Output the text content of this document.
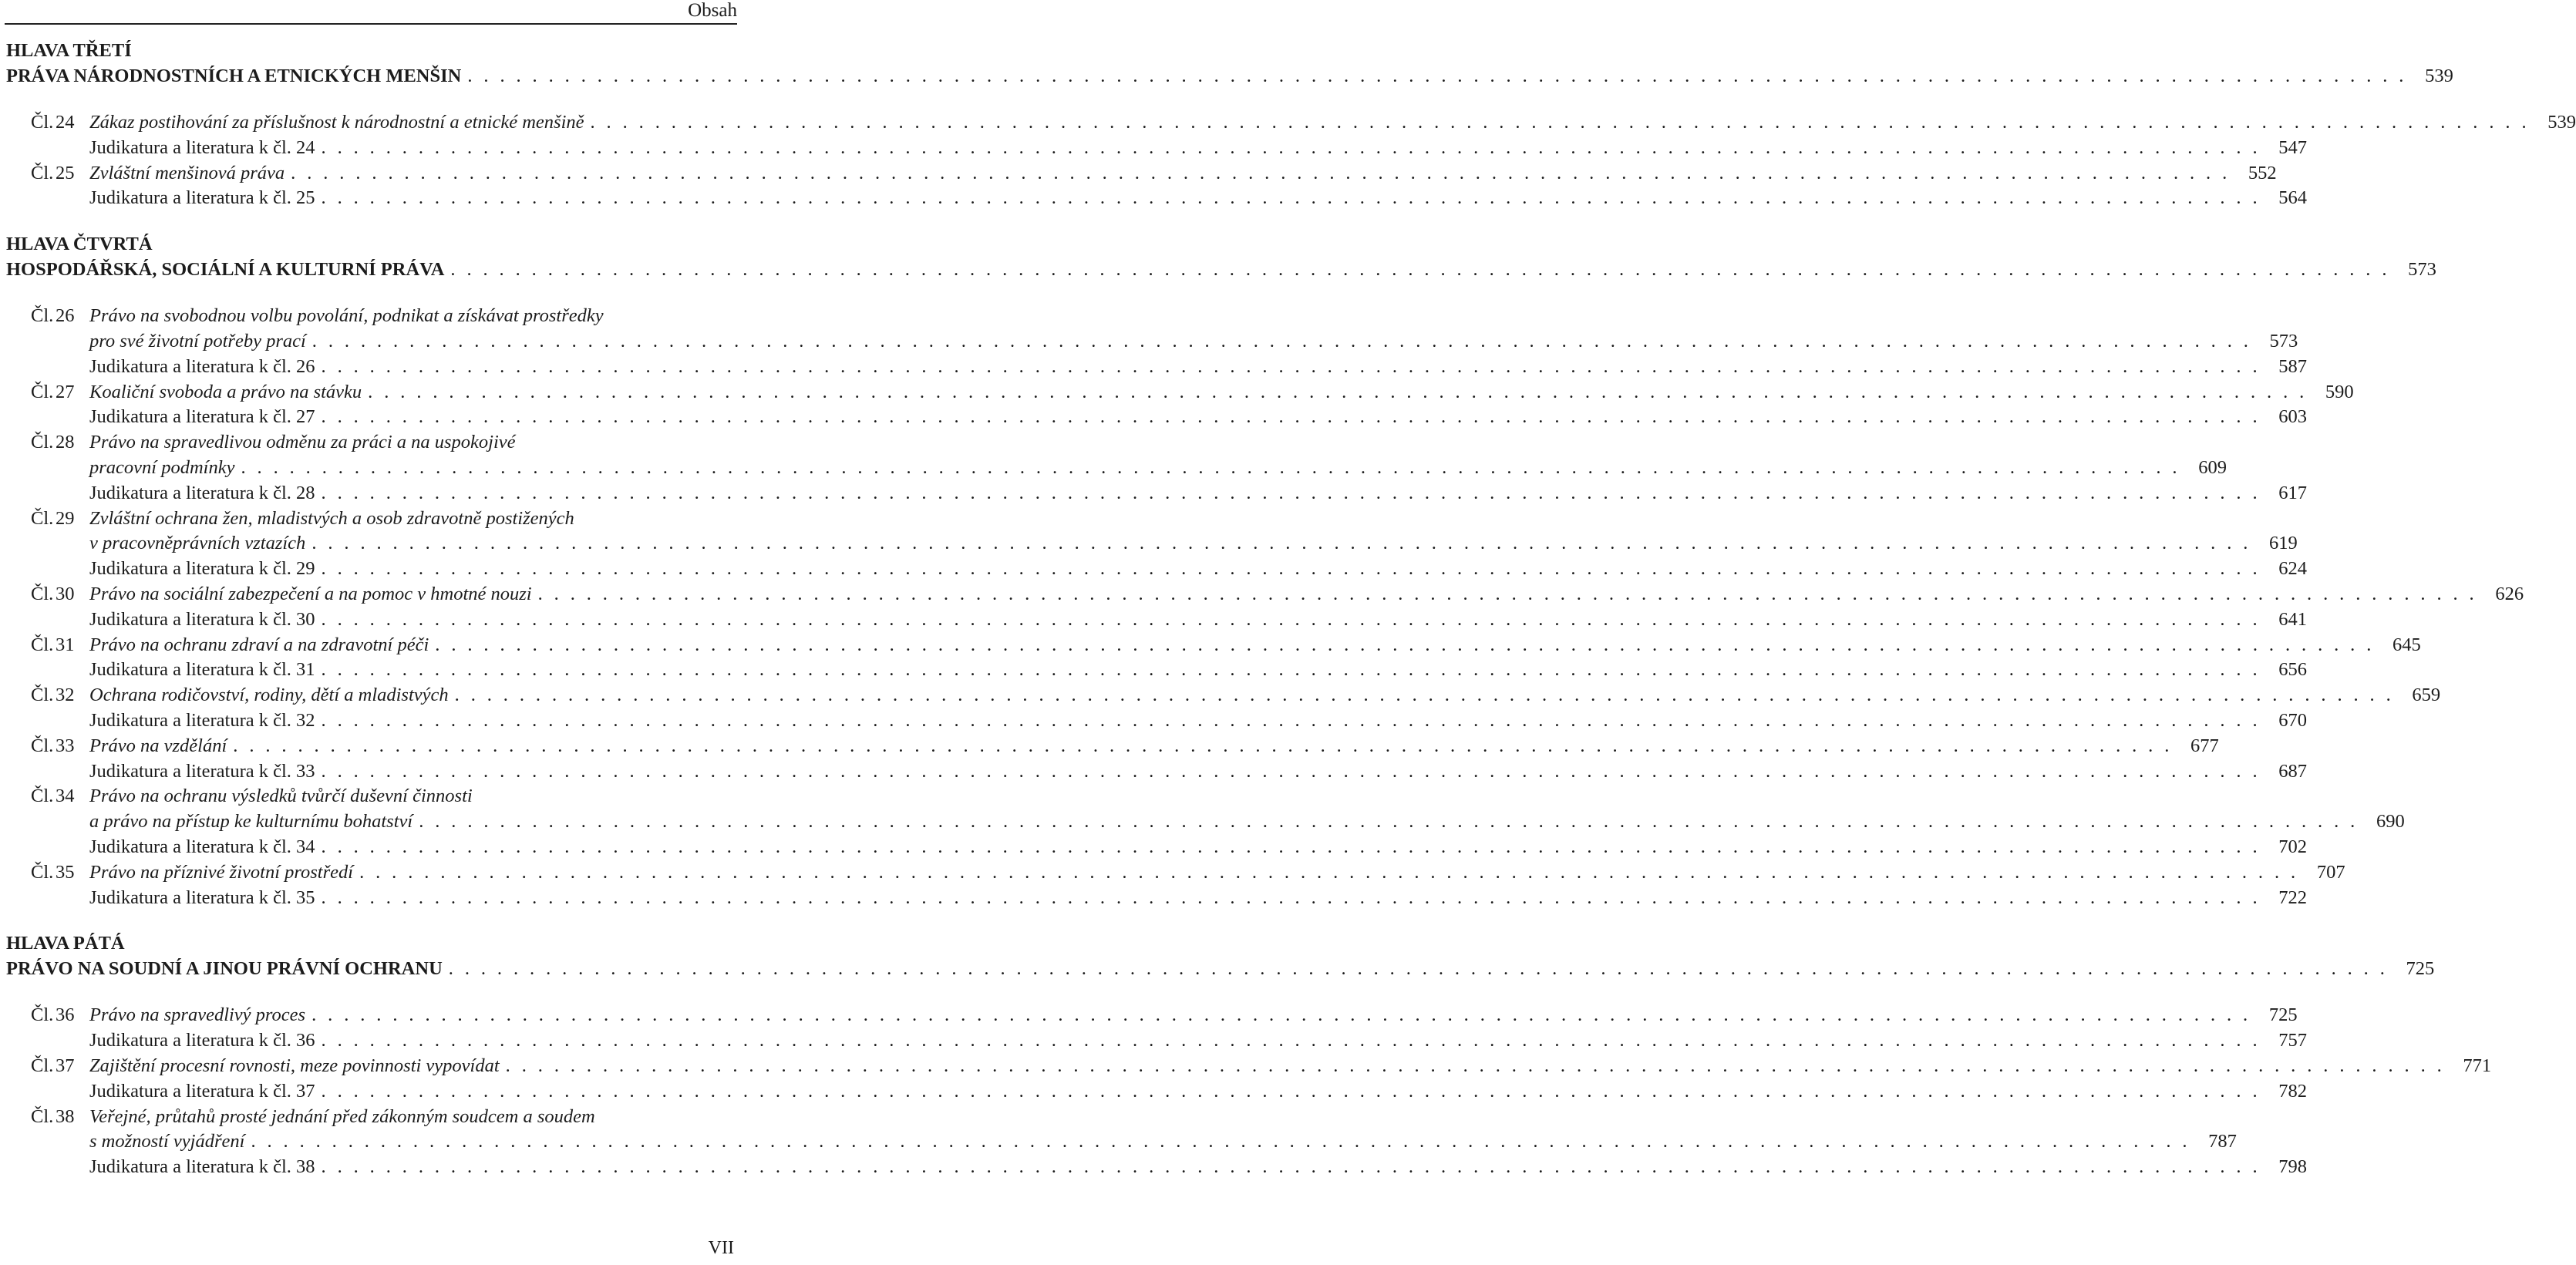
Obsah
HLAVA TŘETÍ
PRÁVA NÁRODNOSTNÍCH A ETNICKÝCH MENŠIN . . . . . . . . . . . . . . . . . . . . . . . . . . . . . . . . . . . . . . . . . . . . . . . . . . . . . . . . . . . . . . . . . . . . . . . . . . . . . . . . . . . . . . . . . . . . . . . . . . . . . . . . . . . . . . . . . . . . . . . . 539
Čl. 24 Zákaz postihování za příslušnost k národnostní a etnické menšině . . . . . . . . . . . . . . . . . . . . . . . . . . . . . . . . . . . . . . . . . . . . . . . . . . . . . . . . . . . . . . . . . . . . . . . . . . . . . . . . . . . . . . . . . . . . . . . . . . . . . . . . . . . . . . . . . . . . . . . . 539
Judikatura a literatura k čl. 24 . . . . . . . . . . . . . . . . . . . . . . . . . . . . . . . . . . . . . . . . . . . . . . . . . . . . . . . . . . . . . . . . . . . . . . . . . . . . . . . . . . . . . . . . . . . . . . . . . . . . . . . . . . . . . . . . . . . . . . . . 547
Čl. 25 Zvláštní menšinová práva . . . . . . . . . . . . . . . . . . . . . . . . . . . . . . . . . . . . . . . . . . . . . . . . . . . . . . . . . . . . . . . . . . . . . . . . . . . . . . . . . . . . . . . . . . . . . . . . . . . . . . . . . . . . . . . . . . . . . . . . 552
Judikatura a literatura k čl. 25 . . . . . . . . . . . . . . . . . . . . . . . . . . . . . . . . . . . . . . . . . . . . . . . . . . . . . . . . . . . . . . . . . . . . . . . . . . . . . . . . . . . . . . . . . . . . . . . . . . . . . . . . . . . . . . . . . . . . . . . . 564
HLAVA ČTVRTÁ
HOSPODÁŘSKÁ, SOCIÁLNÍ A KULTURNÍ PRÁVA . . . . . . . . . . . . . . . . . . . . . . . . . . . . . . . . . . . . . . . . . . . . . . . . . . . . . . . . . . . . . . . . . . . . . . . . . . . . . . . . . . . . . . . . . . . . . . . . . . . . . . . . . . . . . . . . . . . . . . . . 573
Čl. 26 Právo na svobodnou volbu povolání, podnikat a získávat prostředky
pro své životní potřeby prací . . . . . . . . . . . . . . . . . . . . . . . . . . . . . . . . . . . . . . . . . . . . . . . . . . . . . . . . . . . . . . . . . . . . . . . . . . . . . . . . . . . . . . . . . . . . . . . . . . . . . . . . . . . . . . . . . . . . . . . . 573
Judikatura a literatura k čl. 26 . . . . . . . . . . . . . . . . . . . . . . . . . . . . . . . . . . . . . . . . . . . . . . . . . . . . . . . . . . . . . . . . . . . . . . . . . . . . . . . . . . . . . . . . . . . . . . . . . . . . . . . . . . . . . . . . . . . . . . . . 587
Čl. 27 Koaliční svoboda a právo na stávku . . . . . . . . . . . . . . . . . . . . . . . . . . . . . . . . . . . . . . . . . . . . . . . . . . . . . . . . . . . . . . . . . . . . . . . . . . . . . . . . . . . . . . . . . . . . . . . . . . . . . . . . . . . . . . . . . . . . . . . . 590
Judikatura a literatura k čl. 27 . . . . . . . . . . . . . . . . . . . . . . . . . . . . . . . . . . . . . . . . . . . . . . . . . . . . . . . . . . . . . . . . . . . . . . . . . . . . . . . . . . . . . . . . . . . . . . . . . . . . . . . . . . . . . . . . . . . . . . . . 603
Čl. 28 Právo na spravedlivou odměnu za práci a na uspokojivé
pracovní podmínky . . . . . . . . . . . . . . . . . . . . . . . . . . . . . . . . . . . . . . . . . . . . . . . . . . . . . . . . . . . . . . . . . . . . . . . . . . . . . . . . . . . . . . . . . . . . . . . . . . . . . . . . . . . . . . . . . . . . . . . . 609
Judikatura a literatura k čl. 28 . . . . . . . . . . . . . . . . . . . . . . . . . . . . . . . . . . . . . . . . . . . . . . . . . . . . . . . . . . . . . . . . . . . . . . . . . . . . . . . . . . . . . . . . . . . . . . . . . . . . . . . . . . . . . . . . . . . . . . . . 617
Čl. 29 Zvláštní ochrana žen, mladistvých a osob zdravotně postižených
v pracovněprávních vztazích . . . . . . . . . . . . . . . . . . . . . . . . . . . . . . . . . . . . . . . . . . . . . . . . . . . . . . . . . . . . . . . . . . . . . . . . . . . . . . . . . . . . . . . . . . . . . . . . . . . . . . . . . . . . . . . . . . . . . . . . 619
Judikatura a literatura k čl. 29 . . . . . . . . . . . . . . . . . . . . . . . . . . . . . . . . . . . . . . . . . . . . . . . . . . . . . . . . . . . . . . . . . . . . . . . . . . . . . . . . . . . . . . . . . . . . . . . . . . . . . . . . . . . . . . . . . . . . . . . . 624
Čl. 30 Právo na sociální zabezpečení a na pomoc v hmotné nouzi . . . . . . . . . . . . . . . . . . . . . . . . . . . . . . . . . . . . . . . . . . . . . . . . . . . . . . . . . . . . . . . . . . . . . . . . . . . . . . . . . . . . . . . . . . . . . . . . . . . . . . . . . . . . . . . . . . . . . . . . 626
Judikatura a literatura k čl. 30 . . . . . . . . . . . . . . . . . . . . . . . . . . . . . . . . . . . . . . . . . . . . . . . . . . . . . . . . . . . . . . . . . . . . . . . . . . . . . . . . . . . . . . . . . . . . . . . . . . . . . . . . . . . . . . . . . . . . . . . . 641
Čl. 31 Právo na ochranu zdraví a na zdravotní péči . . . . . . . . . . . . . . . . . . . . . . . . . . . . . . . . . . . . . . . . . . . . . . . . . . . . . . . . . . . . . . . . . . . . . . . . . . . . . . . . . . . . . . . . . . . . . . . . . . . . . . . . . . . . . . . . . . . . . . . . 645
Judikatura a literatura k čl. 31 . . . . . . . . . . . . . . . . . . . . . . . . . . . . . . . . . . . . . . . . . . . . . . . . . . . . . . . . . . . . . . . . . . . . . . . . . . . . . . . . . . . . . . . . . . . . . . . . . . . . . . . . . . . . . . . . . . . . . . . . 656
Čl. 32 Ochrana rodičovství, rodiny, dětí a mladistvých . . . . . . . . . . . . . . . . . . . . . . . . . . . . . . . . . . . . . . . . . . . . . . . . . . . . . . . . . . . . . . . . . . . . . . . . . . . . . . . . . . . . . . . . . . . . . . . . . . . . . . . . . . . . . . . . . . . . . . . . 659
Judikatura a literatura k čl. 32 . . . . . . . . . . . . . . . . . . . . . . . . . . . . . . . . . . . . . . . . . . . . . . . . . . . . . . . . . . . . . . . . . . . . . . . . . . . . . . . . . . . . . . . . . . . . . . . . . . . . . . . . . . . . . . . . . . . . . . . . 670
Čl. 33 Právo na vzdělání . . . . . . . . . . . . . . . . . . . . . . . . . . . . . . . . . . . . . . . . . . . . . . . . . . . . . . . . . . . . . . . . . . . . . . . . . . . . . . . . . . . . . . . . . . . . . . . . . . . . . . . . . . . . . . . . . . . . . . . . 677
Judikatura a literatura k čl. 33 . . . . . . . . . . . . . . . . . . . . . . . . . . . . . . . . . . . . . . . . . . . . . . . . . . . . . . . . . . . . . . . . . . . . . . . . . . . . . . . . . . . . . . . . . . . . . . . . . . . . . . . . . . . . . . . . . . . . . . . . 687
Čl. 34 Právo na ochranu výsledků tvůrčí duševní činnosti
a právo na přístup ke kulturnímu bohatství . . . . . . . . . . . . . . . . . . . . . . . . . . . . . . . . . . . . . . . . . . . . . . . . . . . . . . . . . . . . . . . . . . . . . . . . . . . . . . . . . . . . . . . . . . . . . . . . . . . . . . . . . . . . . . . . . . . . . . . . 690
Judikatura a literatura k čl. 34 . . . . . . . . . . . . . . . . . . . . . . . . . . . . . . . . . . . . . . . . . . . . . . . . . . . . . . . . . . . . . . . . . . . . . . . . . . . . . . . . . . . . . . . . . . . . . . . . . . . . . . . . . . . . . . . . . . . . . . . . 702
Čl. 35 Právo na příznivé životní prostředí . . . . . . . . . . . . . . . . . . . . . . . . . . . . . . . . . . . . . . . . . . . . . . . . . . . . . . . . . . . . . . . . . . . . . . . . . . . . . . . . . . . . . . . . . . . . . . . . . . . . . . . . . . . . . . . . . . . . . . . . 707
Judikatura a literatura k čl. 35 . . . . . . . . . . . . . . . . . . . . . . . . . . . . . . . . . . . . . . . . . . . . . . . . . . . . . . . . . . . . . . . . . . . . . . . . . . . . . . . . . . . . . . . . . . . . . . . . . . . . . . . . . . . . . . . . . . . . . . . . 722
HLAVA PÁTÁ
PRÁVO NA SOUDNÍ A JINOU PRÁVNÍ OCHRANU . . . . . . . . . . . . . . . . . . . . . . . . . . . . . . . . . . . . . . . . . . . . . . . . . . . . . . . . . . . . . . . . . . . . . . . . . . . . . . . . . . . . . . . . . . . . . . . . . . . . . . . . . . . . . . . . . . . . . . . . 725
Čl. 36 Právo na spravedlivý proces . . . . . . . . . . . . . . . . . . . . . . . . . . . . . . . . . . . . . . . . . . . . . . . . . . . . . . . . . . . . . . . . . . . . . . . . . . . . . . . . . . . . . . . . . . . . . . . . . . . . . . . . . . . . . . . . . . . . . . . . 725
Judikatura a literatura k čl. 36 . . . . . . . . . . . . . . . . . . . . . . . . . . . . . . . . . . . . . . . . . . . . . . . . . . . . . . . . . . . . . . . . . . . . . . . . . . . . . . . . . . . . . . . . . . . . . . . . . . . . . . . . . . . . . . . . . . . . . . . . 757
Čl. 37 Zajištění procesní rovnosti, meze povinnosti vypovídat . . . . . . . . . . . . . . . . . . . . . . . . . . . . . . . . . . . . . . . . . . . . . . . . . . . . . . . . . . . . . . . . . . . . . . . . . . . . . . . . . . . . . . . . . . . . . . . . . . . . . . . . . . . . . . . . . . . . . . . . 771
Judikatura a literatura k čl. 37 . . . . . . . . . . . . . . . . . . . . . . . . . . . . . . . . . . . . . . . . . . . . . . . . . . . . . . . . . . . . . . . . . . . . . . . . . . . . . . . . . . . . . . . . . . . . . . . . . . . . . . . . . . . . . . . . . . . . . . . . 782
Čl. 38 Veřejné, průtahů prosté jednání před zákonným soudcem a soudem
s možností vyjádření . . . . . . . . . . . . . . . . . . . . . . . . . . . . . . . . . . . . . . . . . . . . . . . . . . . . . . . . . . . . . . . . . . . . . . . . . . . . . . . . . . . . . . . . . . . . . . . . . . . . . . . . . . . . . . . . . . . . . . . . 787
Judikatura a literatura k čl. 38 . . . . . . . . . . . . . . . . . . . . . . . . . . . . . . . . . . . . . . . . . . . . . . . . . . . . . . . . . . . . . . . . . . . . . . . . . . . . . . . . . . . . . . . . . . . . . . . . . . . . . . . . . . . . . . . . . . . . . . . . 798
VII
